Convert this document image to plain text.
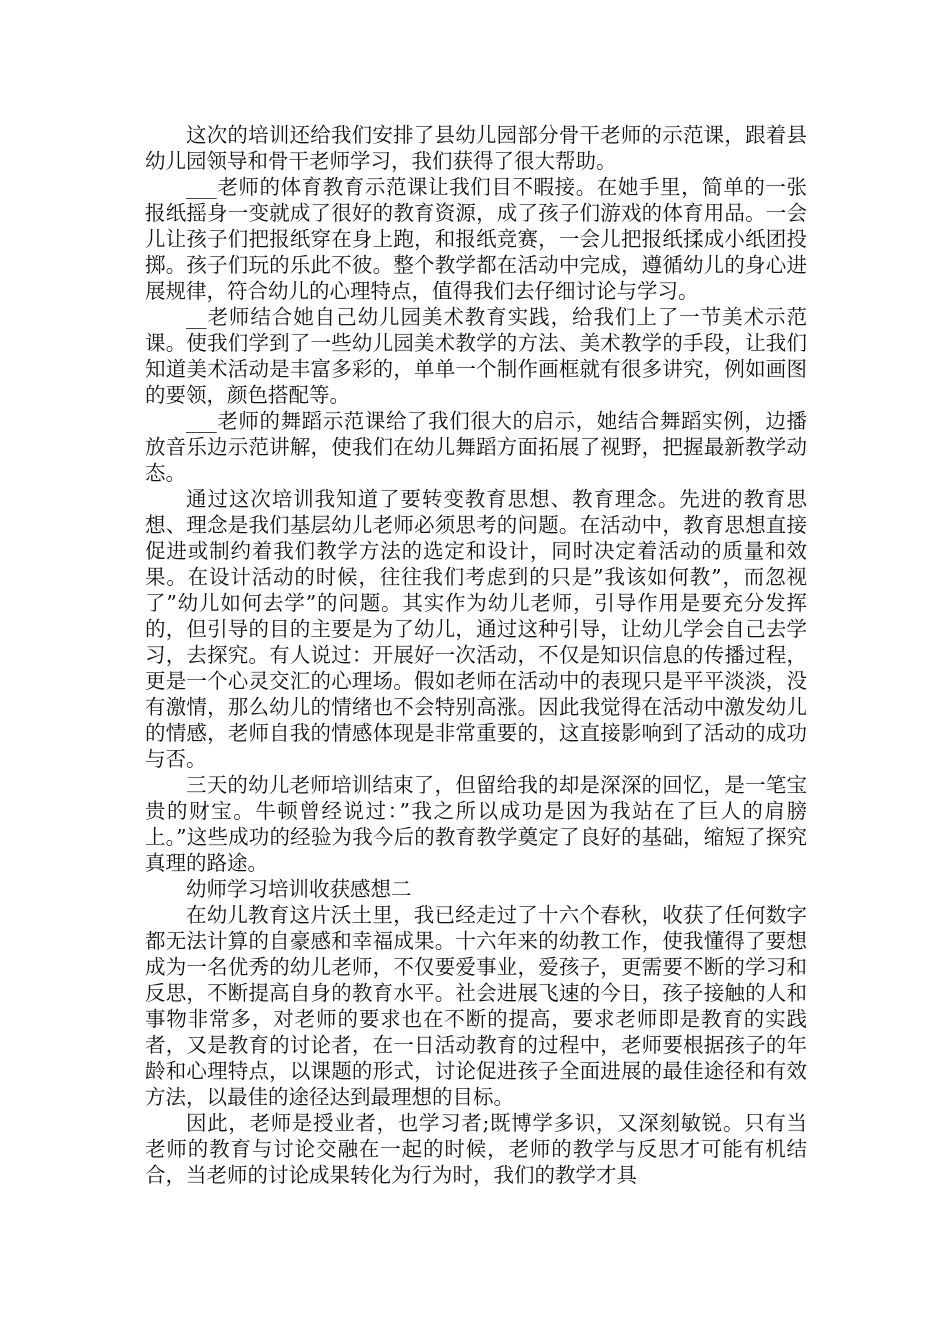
这次的培训还给我们安排了县幼儿园部分骨干老师的示范课，跟着县幼儿园领导和骨干老师学习，我们获得了很大帮助。

___老师的体育教育示范课让我们目不暇接。在她手里，简单的一张报纸摇身一变就成了很好的教育资源，成了孩子们游戏的体育用品。一会儿让孩子们把报纸穿在身上跑，和报纸竞赛，一会儿把报纸揉成小纸团投掷。孩子们玩的乐此不彼。整个教学都在活动中完成，遵循幼儿的身心进展规律，符合幼儿的心理特点，值得我们去仔细讨论与学习。

__老师结合她自己幼儿园美术教育实践，给我们上了一节美术示范课。使我们学到了一些幼儿园美术教学的方法、美术教学的手段，让我们知道美术活动是丰富多彩的，单单一个制作画框就有很多讲究，例如画图的要领，颜色搭配等。

___老师的舞蹈示范课给了我们很大的启示，她结合舞蹈实例，边播放音乐边示范讲解，使我们在幼儿舞蹈方面拓展了视野，把握最新教学动态。

通过这次培训我知道了要转变教育思想、教育理念。先进的教育思想、理念是我们基层幼儿老师必须思考的问题。在活动中，教育思想直接促进或制约着我们教学方法的选定和设计，同时决定着活动的质量和效果。在设计活动的时候，往往我们考虑到的只是”我该如何教”，而忽视了”幼儿如何去学”的问题。其实作为幼儿老师，引导作用是要充分发挥的，但引导的目的主要是为了幼儿，通过这种引导，让幼儿学会自己去学习，去探究。有人说过：开展好一次活动，不仅是知识信息的传播过程，更是一个心灵交汇的心理场。假如老师在活动中的表现只是平平淡淡，没有激情，那么幼儿的情绪也不会特别高涨。因此我觉得在活动中激发幼儿的情感，老师自我的情感体现是非常重要的，这直接影响到了活动的成功与否。

三天的幼儿老师培训结束了，但留给我的却是深深的回忆，是一笔宝贵的财宝。牛顿曾经说过：”我之所以成功是因为我站在了巨人的肩膀上。”这些成功的经验为我今后的教育教学奠定了良好的基础，缩短了探究真理的路途。

幼师学习培训收获感想二

在幼儿教育这片沃土里，我已经走过了十六个春秋，收获了任何数字都无法计算的自豪感和幸福成果。十六年来的幼教工作，使我懂得了要想成为一名优秀的幼儿老师，不仅要爱事业，爱孩子，更需要不断的学习和反思，不断提高自身的教育水平。社会进展飞速的今日，孩子接触的人和事物非常多，对老师的要求也在不断的提高，要求老师即是教育的实践者，又是教育的讨论者，在一日活动教育的过程中，老师要根据孩子的年龄和心理特点，以课题的形式，讨论促进孩子全面进展的最佳途径和有效方法，以最佳的途径达到最理想的目标。

因此，老师是授业者，也学习者;既博学多识，又深刻敏锐。只有当老师的教育与讨论交融在一起的时候，老师的教学与反思才可能有机结合，当老师的讨论成果转化为行为时，我们的教学才具
